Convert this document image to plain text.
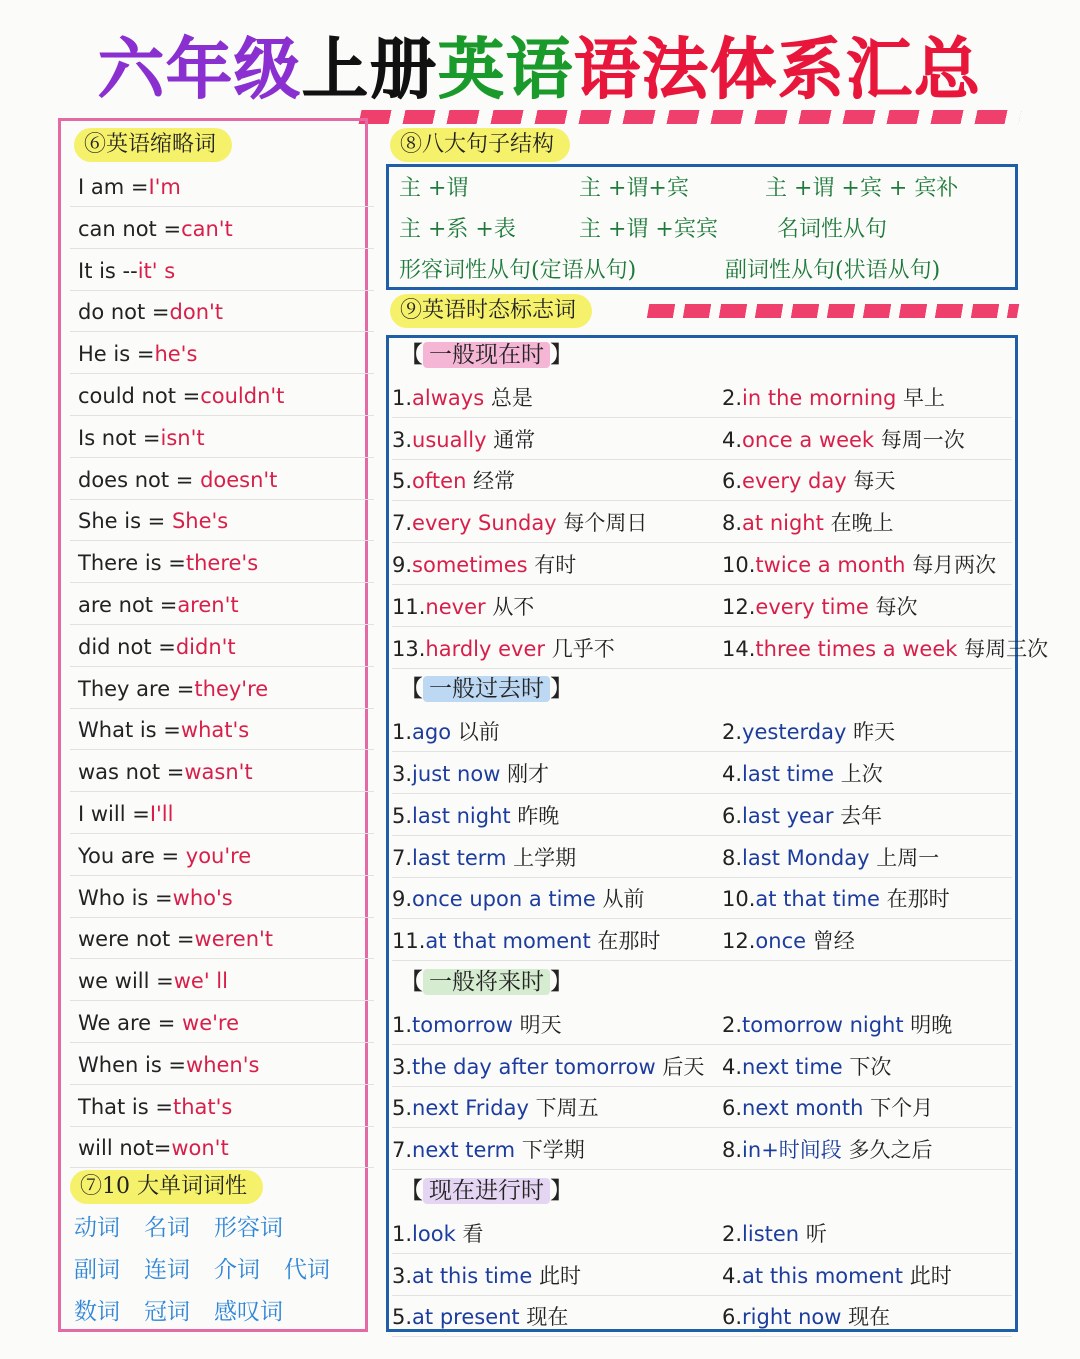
六年级上册英语语法体系汇总
⑥英语缩略词
I am =I'm
can not =can't
It is --it' s
do not =don't
He is =he's
could not =couldn't
Is not =isn't
does not = doesn't
She is = She's
There is =there's
are not =aren't
did not =didn't
They are =they're
What is =what's
was not =wasn't
I will =I'll
You are = you're
Who is =who's
were not =weren't
we will =we' ll
We are = we're
When is =when's
That is =that's
will not=won't
⑦10 大单词词性
动词 名词 形容词
副词 连词 介词 代词
数词 冠词 感叹词
⑧八大句子结构
主 +谓	主 +谓+宾	主 +谓 +宾 + 宾补
主 +系 +表	主 +谓 +宾宾	名词性从句
形容词性从句(定语从句)	副词性从句(状语从句)
⑨英语时态标志词
【 一般现在时 】
1.always 总是	2.in the morning 早上
3.usually 通常	4.once a week 每周一次
5.often 经常	6.every day 每天
7.every Sunday 每个周日	8.at night 在晚上
9.sometimes 有时	10.twice a month 每月两次
11.never 从不	12.every time 每次
13.hardly ever 几乎不	14.three times a week 每周三次
【 一般过去时 】
1.ago 以前	2.yesterday 昨天
3.just now 刚才	4.last time 上次
5.last night 昨晚	6.last year 去年
7.last term 上学期	8.last Monday 上周一
9.once upon a time 从前	10.at that time 在那时
11.at that moment 在那时	12.once 曾经
【 一般将来时 】
1.tomorrow 明天	2.tomorrow night 明晚
3.the day after tomorrow 后天 4.next time 下次
5.next Friday 下周五	6.next month 下个月
7.next term 下学期	8.in+时间段 多久之后
【 现在进行时 】
1.look 看	2.listen 听
3.at this time 此时	4.at this moment 此时
5.at present 现在	6.right now 现在
